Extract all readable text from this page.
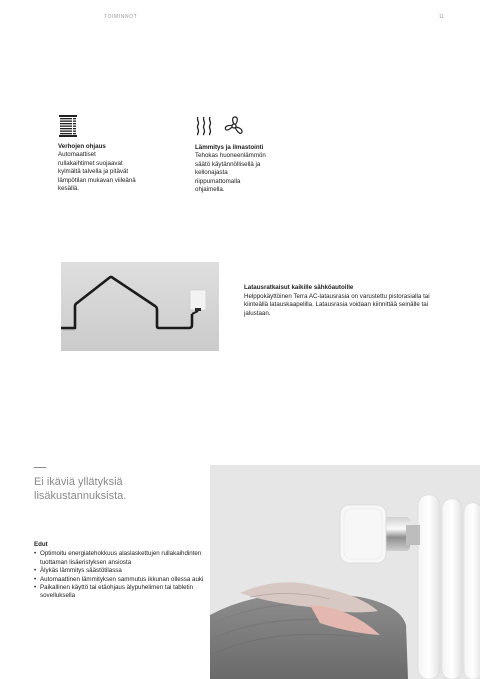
TOIMINNOT	11
Verhojen ohjaus
Automaattiset
rullakaihtimet suojaavat
kylmältä talvella ja pitävät
lämpötilan mukavan viileänä
kesällä.
Lämmitys ja ilmastointi
Tehokas huoneenlämmön
säätö käytännöllisellä ja
kellonajasta
riippumattomalla
ohjaimella.
Latausratkaisut kaikille sähköautoille
Helppokäyttöinen Terra AC-latausrasia on varustettu pistorasialla tai kiinteällä latauskaapelilla. Latausrasia voidaan kiinnittää seinälle tai jalustaan.
Ei ikäviä yllätyksiä
lisäkustannuksista.
Edut
• Optimoitu energiatehokkuus alaslaskettujen rullakaihdinten tuottaman lisäeristyksen ansiosta
• Älykäs lämmitys säästötilassa
• Automaattinen lämmityksen sammutus ikkunan ollessa auki
• Paikallinen käyttö tai etäohjaus älypuhelimen tai tabletin sovelluksella
